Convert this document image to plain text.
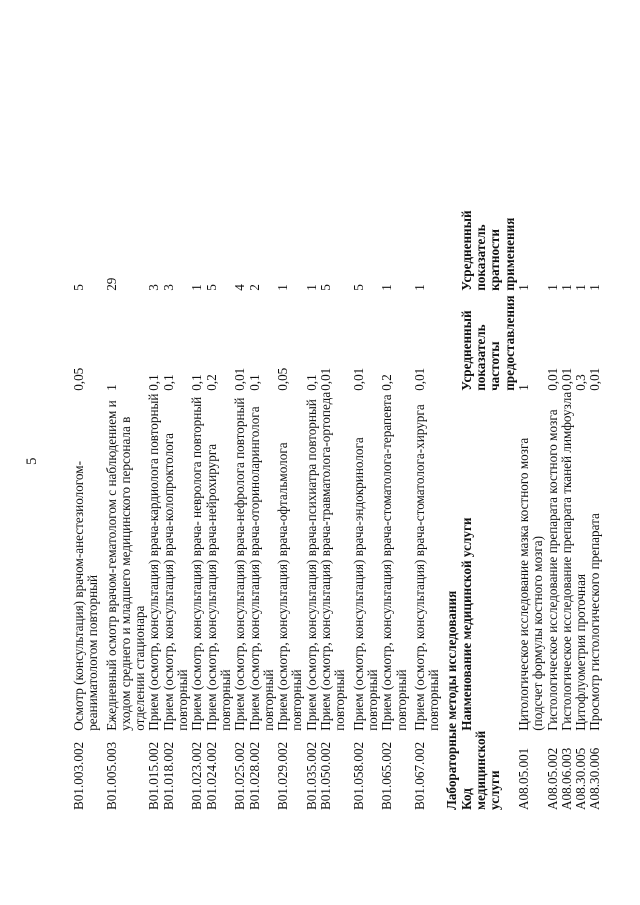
5
B01.003.002	Осмотр (консультация) врачом-анестезиологом-реаниматологом повторный	0,05	5
B01.005.003	Ежедневный осмотр врачом-гематологом с наблюдением и уходом среднего и младшего медицинского персонала в отделении стационара	1	29
B01.015.002	Прием (осмотр, консультация) врача-кардиолога повторный	0,1	3
B01.018.002	Прием (осмотр, консультация) врача-колопроктолога повторный	0,1	3
B01.023.002	Прием (осмотр, консультация) врача- невролога повторный	0,1	1
B01.024.002	Прием (осмотр, консультация) врача-нейрохирурга повторный	0,2	5
B01.025.002	Прием (осмотр, консультация) врача-нефролога повторный	0,01	4
B01.028.002	Прием (осмотр, консультация) врача-оториноларинголога повторный	0,1	2
B01.029.002	Прием (осмотр, консультация) врача-офтальмолога повторный	0,05	1
B01.035.002	Прием (осмотр, консультация) врача-психиатра повторный	0,1	1
B01.050.002	Прием (осмотр, консультация) врача-травматолога-ортопеда повторный	0,01	5
B01.058.002	Прием (осмотр, консультация) врача-эндокринолога повторный	0,01	5
B01.065.002	Прием (осмотр, консультация) врача-стоматолога-терапевта повторный	0,2	1
B01.067.002	Прием (осмотр, консультация) врача-стоматолога-хирурга повторный	0,01	1
Лабораторные методы исследования			
Код медицинской услуги	Наименование медицинской услуги	Усредненный показатель частоты предоставления	Усредненный показатель кратности применения
A08.05.001	Цитологическое исследование мазка костного мозга (подсчет формулы костного мозга)	1	1
A08.05.002	Гистологическое исследование препарата костного мозга	0,01	1
A08.06.003	Гистологическое исследование препарата тканей лимфоузла	0,01	1
A08.30.005	Цитофлуометрия проточная	0,3	1
A08.30.006	Просмотр гистологического препарата	0,01	1
